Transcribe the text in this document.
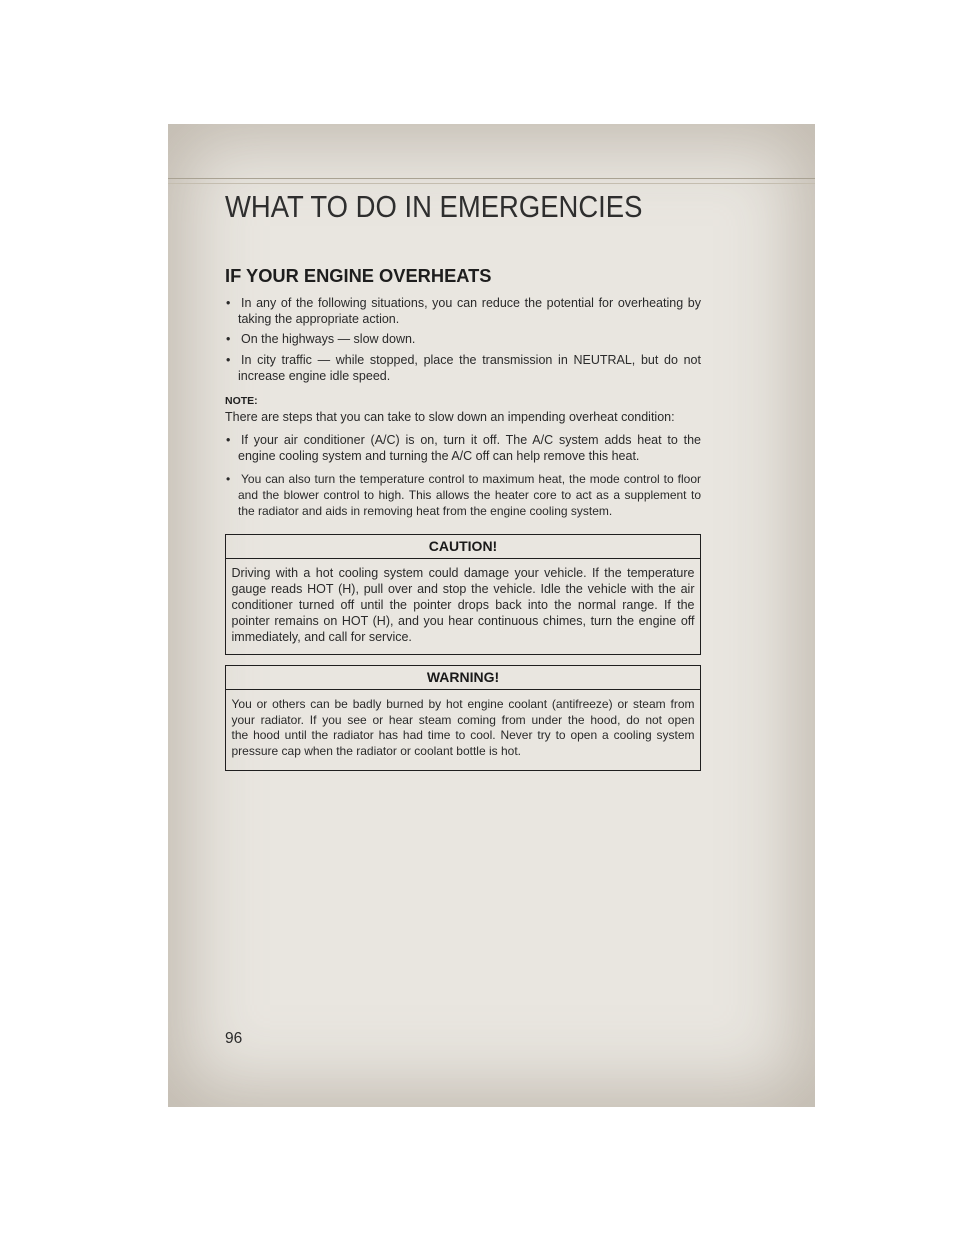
WHAT TO DO IN EMERGENCIES
IF YOUR ENGINE OVERHEATS
• In any of the following situations, you can reduce the potential for overheating by
taking the appropriate action.
• On the highways — slow down.
• In city traffic — while stopped, place the transmission in NEUTRAL, but do not
increase engine idle speed.
NOTE:
There are steps that you can take to slow down an impending overheat condition:
• If your air conditioner (A/C) is on, turn it off. The A/C system adds heat to the
engine cooling system and turning the A/C off can help remove this heat.
• You can also turn the temperature control to maximum heat, the mode control to floor
and the blower control to high. This allows the heater core to act as a supplement to
the radiator and aids in removing heat from the engine cooling system.
CAUTION!
Driving with a hot cooling system could damage your vehicle. If the temperature
gauge reads HOT (H), pull over and stop the vehicle. Idle the vehicle with the air
conditioner turned off until the pointer drops back into the normal range. If the
pointer remains on HOT (H), and you hear continuous chimes, turn the engine off
immediately, and call for service.
WARNING!
You or others can be badly burned by hot engine coolant (antifreeze) or steam from
your radiator. If you see or hear steam coming from under the hood, do not open
the hood until the radiator has had time to cool. Never try to open a cooling system
pressure cap when the radiator or coolant bottle is hot.
96
